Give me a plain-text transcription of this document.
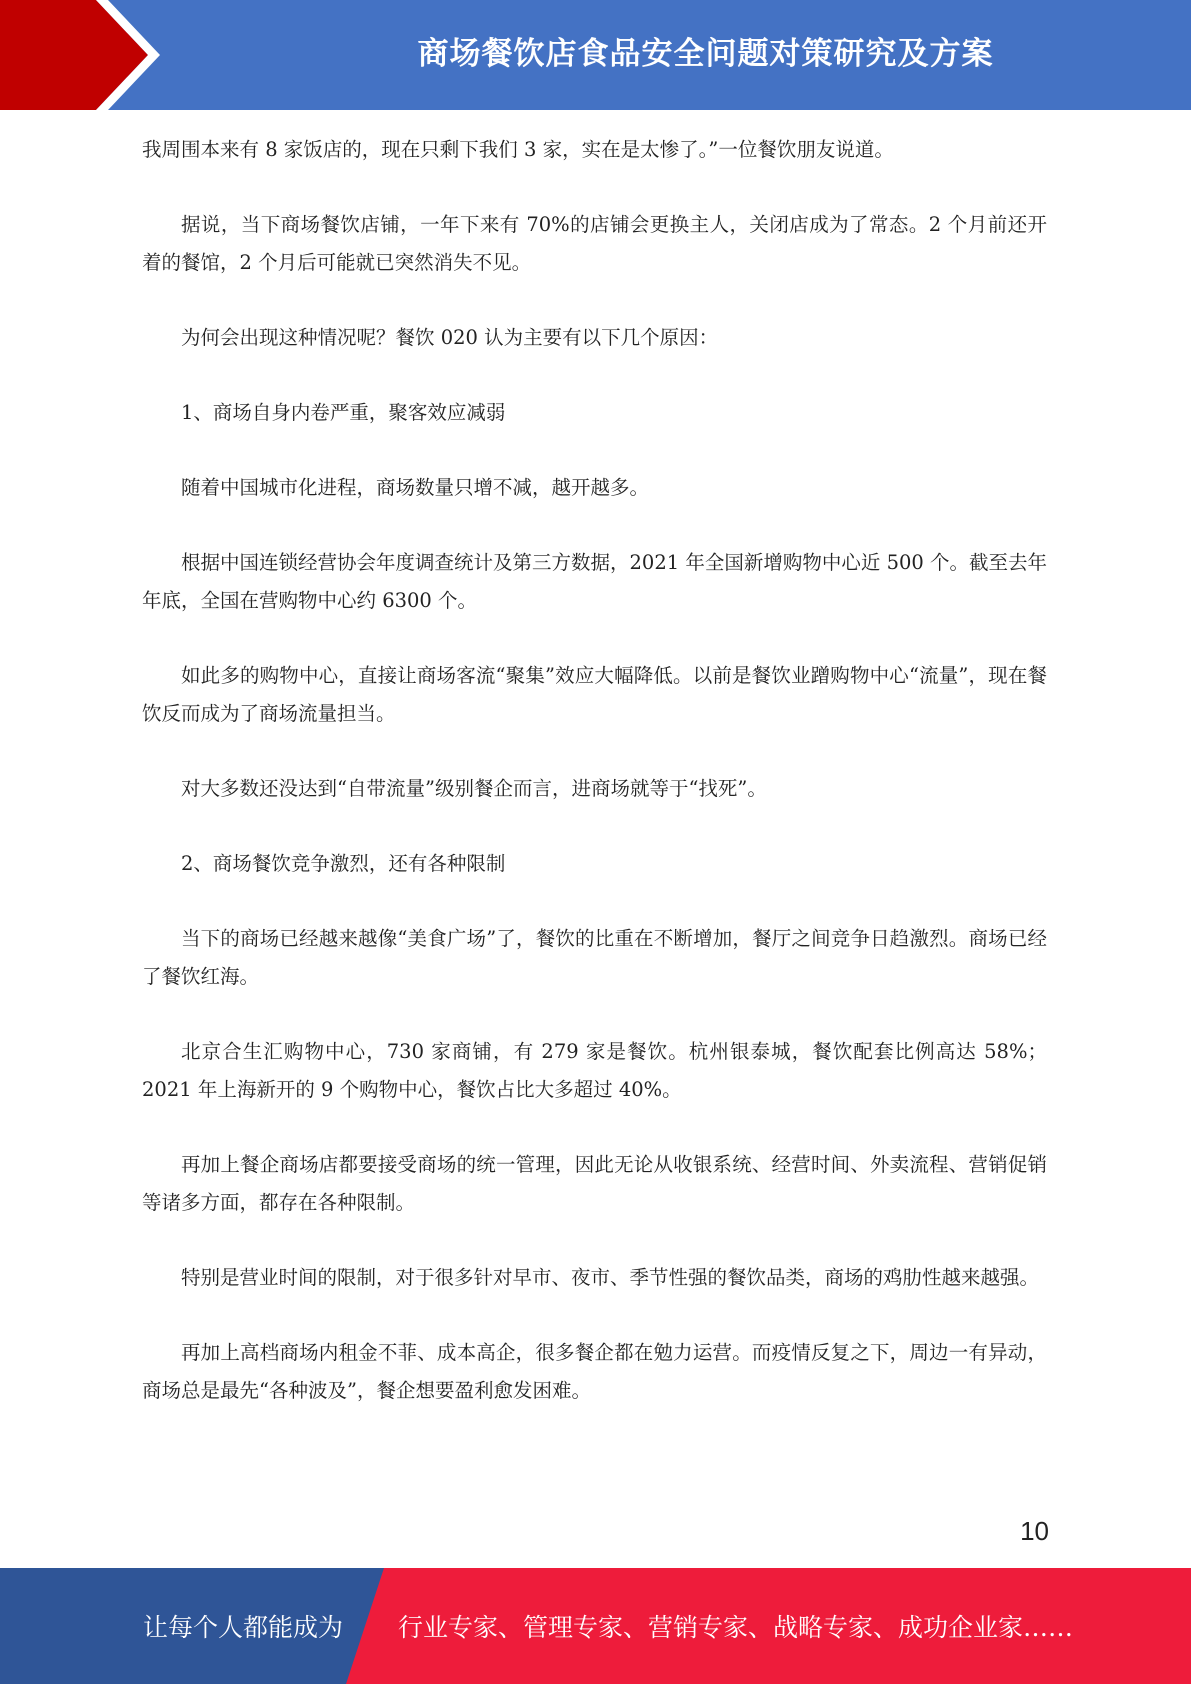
商场餐饮店食品安全问题对策研究及方案

我周围本来有 8 家饭店的，现在只剩下我们 3 家，实在是太惨了。”一位餐饮朋友说道。

据说，当下商场餐饮店铺，一年下来有 70%的店铺会更换主人，关闭店成为了常态。2 个月前还开着的餐馆，2 个月后可能就已突然消失不见。

为何会出现这种情况呢？餐饮 020 认为主要有以下几个原因：

1、商场自身内卷严重，聚客效应减弱

随着中国城市化进程，商场数量只增不减，越开越多。

根据中国连锁经营协会年度调查统计及第三方数据，2021 年全国新增购物中心近 500 个。截至去年年底，全国在营购物中心约 6300 个。

如此多的购物中心，直接让商场客流“聚集”效应大幅降低。以前是餐饮业蹭购物中心“流量”，现在餐饮反而成为了商场流量担当。

对大多数还没达到“自带流量”级别餐企而言，进商场就等于“找死”。

2、商场餐饮竞争激烈，还有各种限制

当下的商场已经越来越像“美食广场”了，餐饮的比重在不断增加，餐厅之间竞争日趋激烈。商场已经了餐饮红海。

北京合生汇购物中心，730 家商铺，有 279 家是餐饮。杭州银泰城，餐饮配套比例高达 58%；2021 年上海新开的 9 个购物中心，餐饮占比大多超过 40%。

再加上餐企商场店都要接受商场的统一管理，因此无论从收银系统、经营时间、外卖流程、营销促销等诸多方面，都存在各种限制。

特别是营业时间的限制，对于很多针对早市、夜市、季节性强的餐饮品类，商场的鸡肋性越来越强。

再加上高档商场内租金不菲、成本高企，很多餐企都在勉力运营。而疫情反复之下，周边一有异动，商场总是最先“各种波及”，餐企想要盈利愈发困难。

10
让每个人都能成为 行业专家、管理专家、营销专家、战略专家、成功企业家……
